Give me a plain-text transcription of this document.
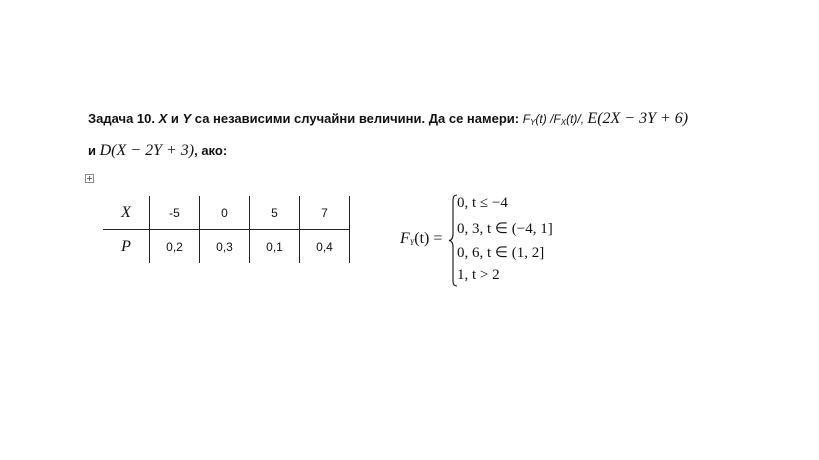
Задача 10. X и Y са независими случайни величини. Да се намери: $F_Y(t)$ $/F_X(t)/$, E(2X − 3Y + 6)
и D(X − 2Y + 3), ако:
X	-5	0	5	7
P	0,2	0,3	0,1	0,4	$F_Y(t)$ =
0, t ≤ −4
0, 3, t ∈ (−4, 1]
0, 6, t ∈ (1, 2]
1, t > 2
